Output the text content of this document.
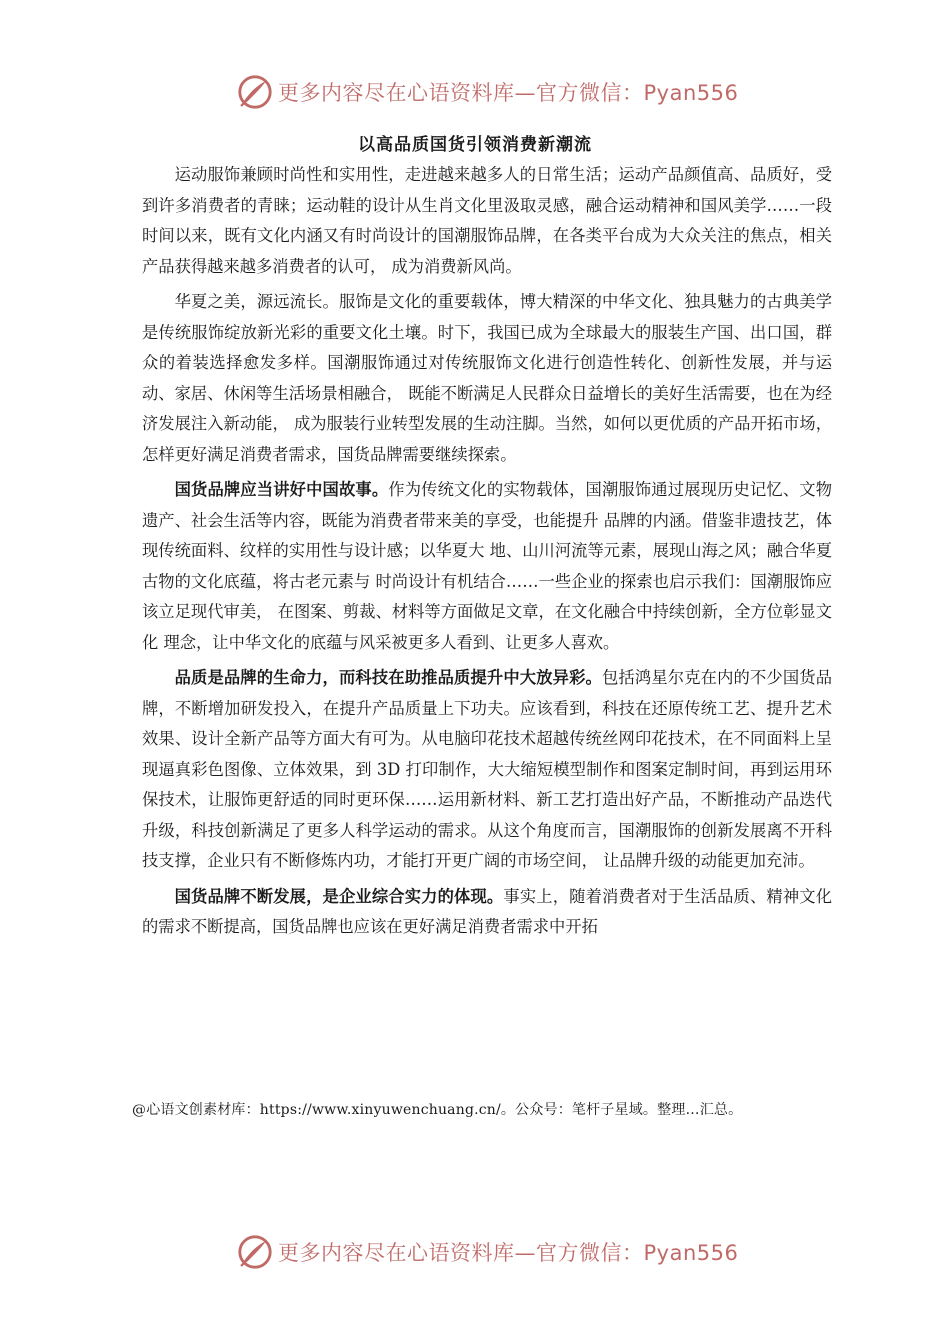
更多内容尽在心语资料库—官方微信：Pyan556
以高品质国货引领消费新潮流

运动服饰兼顾时尚性和实用性，走进越来越多人的日常生活；运动产品颜值高、品质好，受到许多消费者的青睐；运动鞋的设计从生肖文化里汲取灵感，融合运动精神和国风美学……一段时间以来，既有文化内涵又有时尚设计的国潮服饰品牌，在各类平台成为大众关注的焦点，相关产品获得越来越多消费者的认可， 成为消费新风尚。

华夏之美，源远流长。服饰是文化的重要载体，博大精深的中华文化、独具魅力的古典美学是传统服饰绽放新光彩的重要文化土壤。时下，我国已成为全球最大的服装生产国、出口国，群众的着装选择愈发多样。国潮服饰通过对传统服饰文化进行创造性转化、创新性发展，并与运动、家居、休闲等生活场景相融合， 既能不断满足人民群众日益增长的美好生活需要，也在为经济发展注入新动能， 成为服装行业转型发展的生动注脚。当然，如何以更优质的产品开拓市场，怎样更好满足消费者需求，国货品牌需要继续探索。

国货品牌应当讲好中国故事。作为传统文化的实物载体，国潮服饰通过展现历史记忆、文物遗产、社会生活等内容，既能为消费者带来美的享受，也能提升 品牌的内涵。借鉴非遗技艺，体现传统面料、纹样的实用性与设计感；以华夏大 地、山川河流等元素，展现山海之风；融合华夏古物的文化底蕴，将古老元素与 时尚设计有机结合……一些企业的探索也启示我们：国潮服饰应该立足现代审美， 在图案、剪裁、材料等方面做足文章，在文化融合中持续创新，全方位彰显文化 理念，让中华文化的底蕴与风采被更多人看到、让更多人喜欢。

品质是品牌的生命力，而科技在助推品质提升中大放异彩。包括鸿星尔克在内的不少国货品牌，不断增加研发投入，在提升产品质量上下功夫。应该看到，科技在还原传统工艺、提升艺术效果、设计全新产品等方面大有可为。从电脑印花技术超越传统丝网印花技术，在不同面料上呈现逼真彩色图像、立体效果，到 3D 打印制作，大大缩短模型制作和图案定制时间，再到运用环保技术，让服饰更舒适的同时更环保……运用新材料、新工艺打造出好产品，不断推动产品迭代升级，科技创新满足了更多人科学运动的需求。从这个角度而言，国潮服饰的创新发展离不开科技支撑，企业只有不断修炼内功，才能打开更广阔的市场空间， 让品牌升级的动能更加充沛。

国货品牌不断发展，是企业综合实力的体现。事实上，随着消费者对于生活品质、精神文化的需求不断提高，国货品牌也应该在更好满足消费者需求中开拓

@心语文创素材库：https://www.xinyuwenchuang.cn/。公众号：笔杆子星域。整理…汇总。
更多内容尽在心语资料库—官方微信：Pyan556
